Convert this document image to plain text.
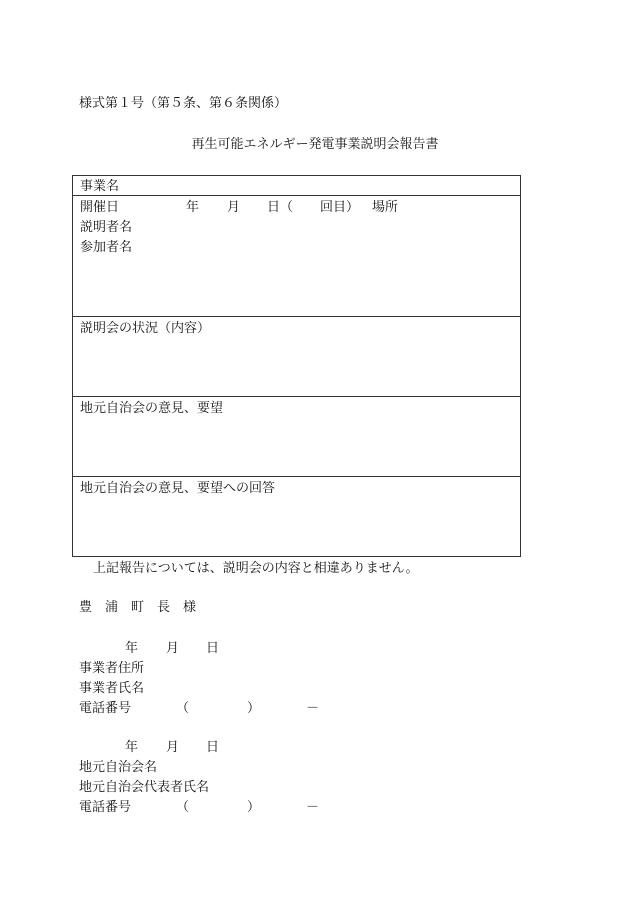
様式第１号（第５条、第６条関係）
再生可能エネルギー発電事業説明会報告書
事業名
開催日	年 月 日（ 回目） 場所
説明者名
参加者名
説明会の状況（内容）
地元自治会の意見、要望
地元自治会の意見、要望への回答
上記報告については、説明会の内容と相違ありません。
豊　浦　町　長　様
年 月 日
事業者住所
事業者氏名
電話番号	（	）	－
年 月 日
地元自治会名
地元自治会代表者氏名
電話番号	（	）	－
